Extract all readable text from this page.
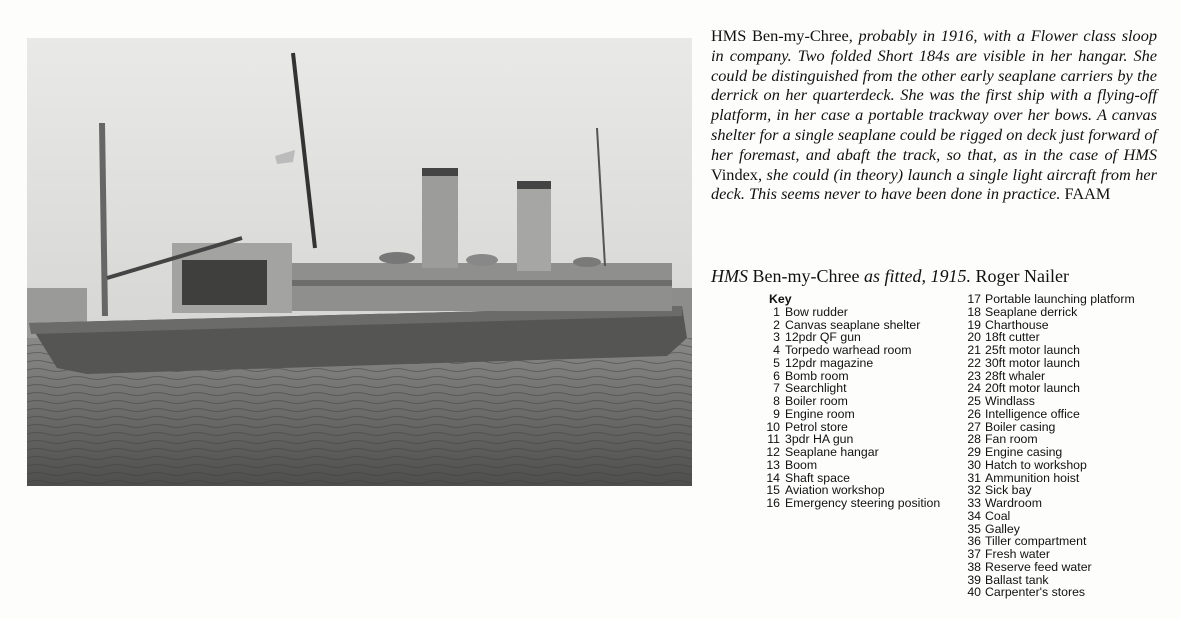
HMS Ben-my-Chree, probably in 1916, with a Flower class sloop in company. Two folded Short 184s are visible in her hangar. She could be distinguished from the other early seaplane carriers by the derrick on her quarterdeck. She was the first ship with a flying-off platform, in her case a portable trackway over her bows. A canvas shelter for a single seaplane could be rigged on deck just forward of her foremast, and abaft the track, so that, as in the case of HMS Vindex, she could (in theory) launch a single light aircraft from her deck. This seems never to have been done in practice. FAAM

HMS Ben-my-Chree as fitted, 1915. Roger Nailer

Key
1 Bow rudder
2 Canvas seaplane shelter
3 12pdr QF gun
4 Torpedo warhead room
5 12pdr magazine
6 Bomb room
7 Searchlight
8 Boiler room
9 Engine room
10 Petrol store
11 3pdr HA gun
12 Seaplane hangar
13 Boom
14 Shaft space
15 Aviation workshop
16 Emergency steering position
17 Portable launching platform
18 Seaplane derrick
19 Charthouse
20 18ft cutter
21 25ft motor launch
22 30ft motor launch
23 28ft whaler
24 20ft motor launch
25 Windlass
26 Intelligence office
27 Boiler casing
28 Fan room
29 Engine casing
30 Hatch to workshop
31 Ammunition hoist
32 Sick bay
33 Wardroom
34 Coal
35 Galley
36 Tiller compartment
37 Fresh water
38 Reserve feed water
39 Ballast tank
40 Carpenter's stores
